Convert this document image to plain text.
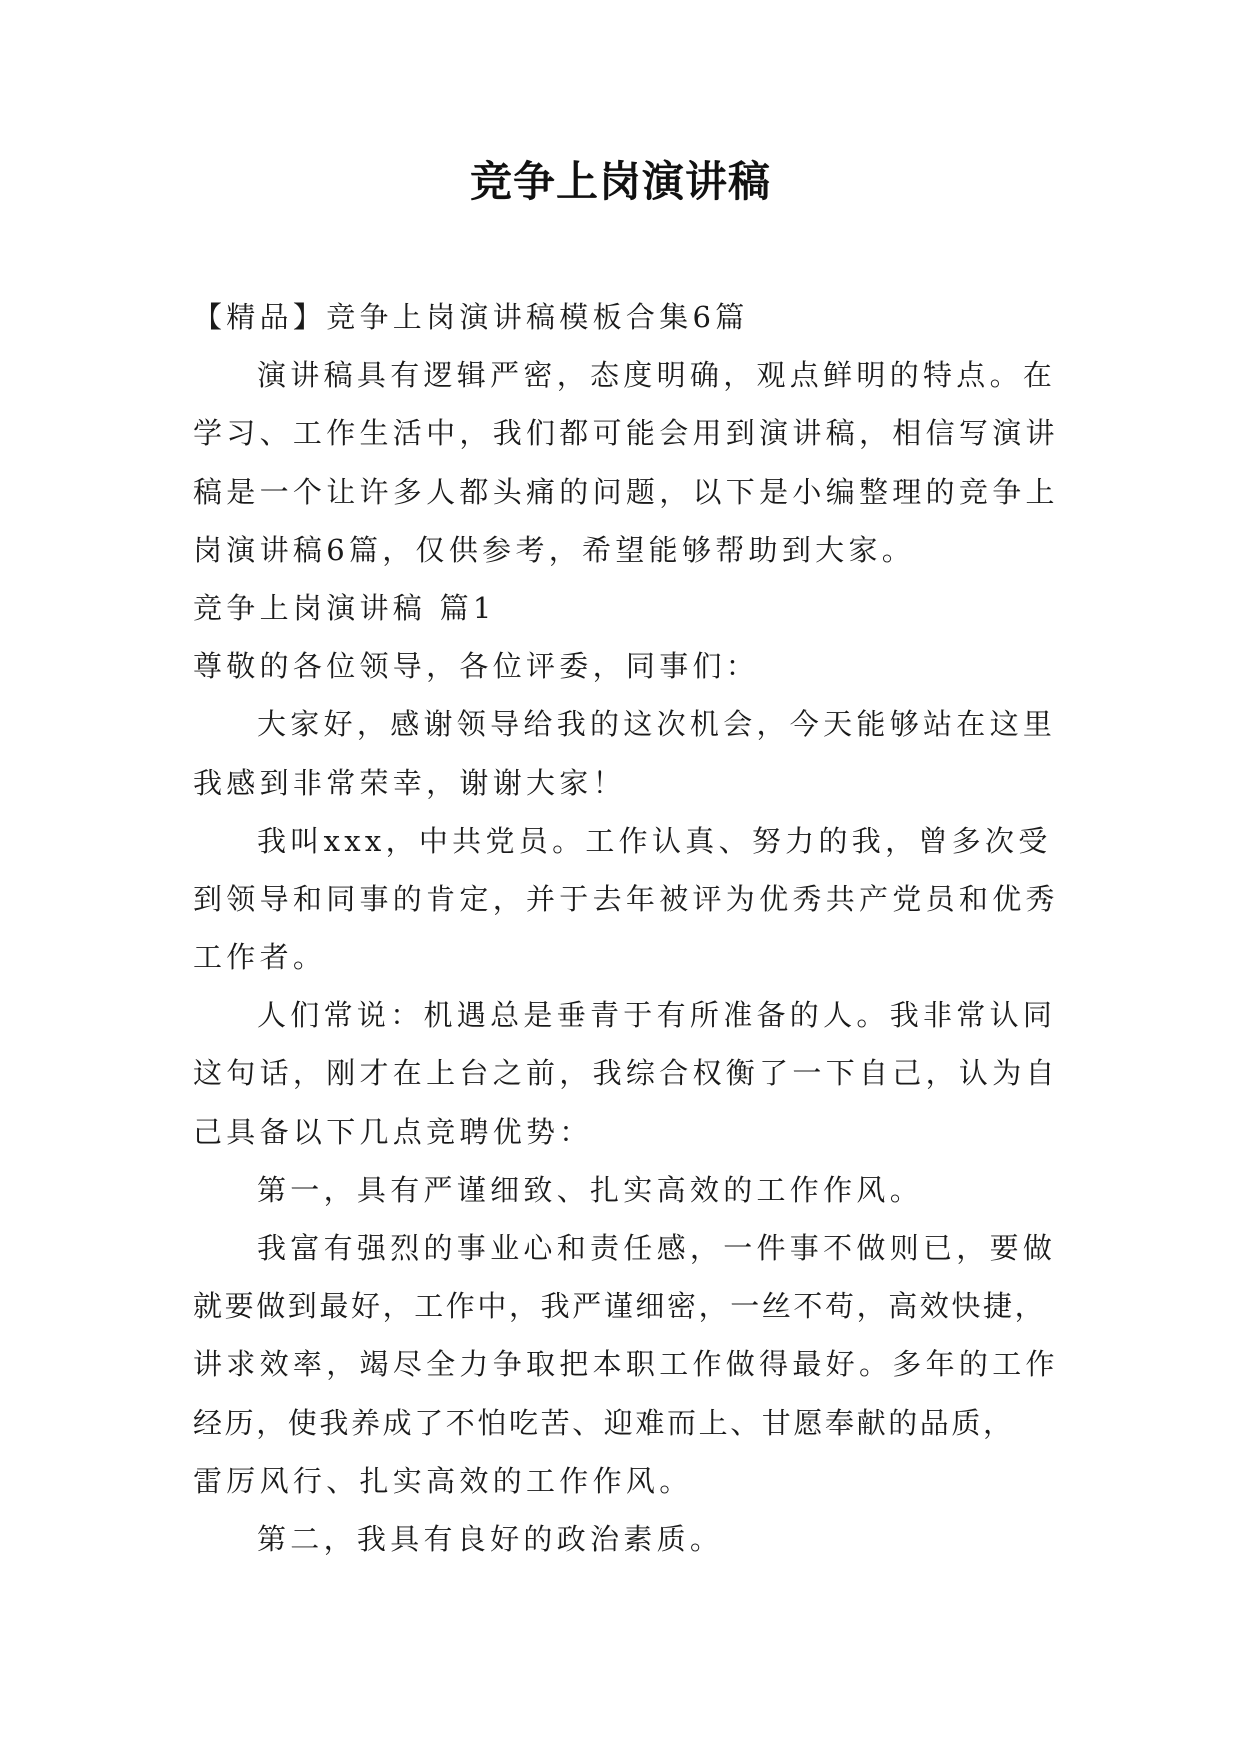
竞争上岗演讲稿
【精品】竞争上岗演讲稿模板合集6篇
演讲稿具有逻辑严密，态度明确，观点鲜明的特点。在
学习、工作生活中，我们都可能会用到演讲稿，相信写演讲
稿是一个让许多人都头痛的问题，以下是小编整理的竞争上
岗演讲稿6篇，仅供参考，希望能够帮助到大家。
竞争上岗演讲稿 篇1
尊敬的各位领导，各位评委，同事们：
大家好，感谢领导给我的这次机会，今天能够站在这里
我感到非常荣幸，谢谢大家！
我叫xxx，中共党员。工作认真、努力的我，曾多次受
到领导和同事的肯定，并于去年被评为优秀共产党员和优秀
工作者。
人们常说：机遇总是垂青于有所准备的人。我非常认同
这句话，刚才在上台之前，我综合权衡了一下自己，认为自
己具备以下几点竞聘优势：
第一，具有严谨细致、扎实高效的工作作风。
我富有强烈的事业心和责任感，一件事不做则已，要做
就要做到最好，工作中，我严谨细密，一丝不苟，高效快捷，
讲求效率，竭尽全力争取把本职工作做得最好。多年的工作
经历，使我养成了不怕吃苦、迎难而上、甘愿奉献的品质，
雷厉风行、扎实高效的工作作风。
第二，我具有良好的政治素质。
